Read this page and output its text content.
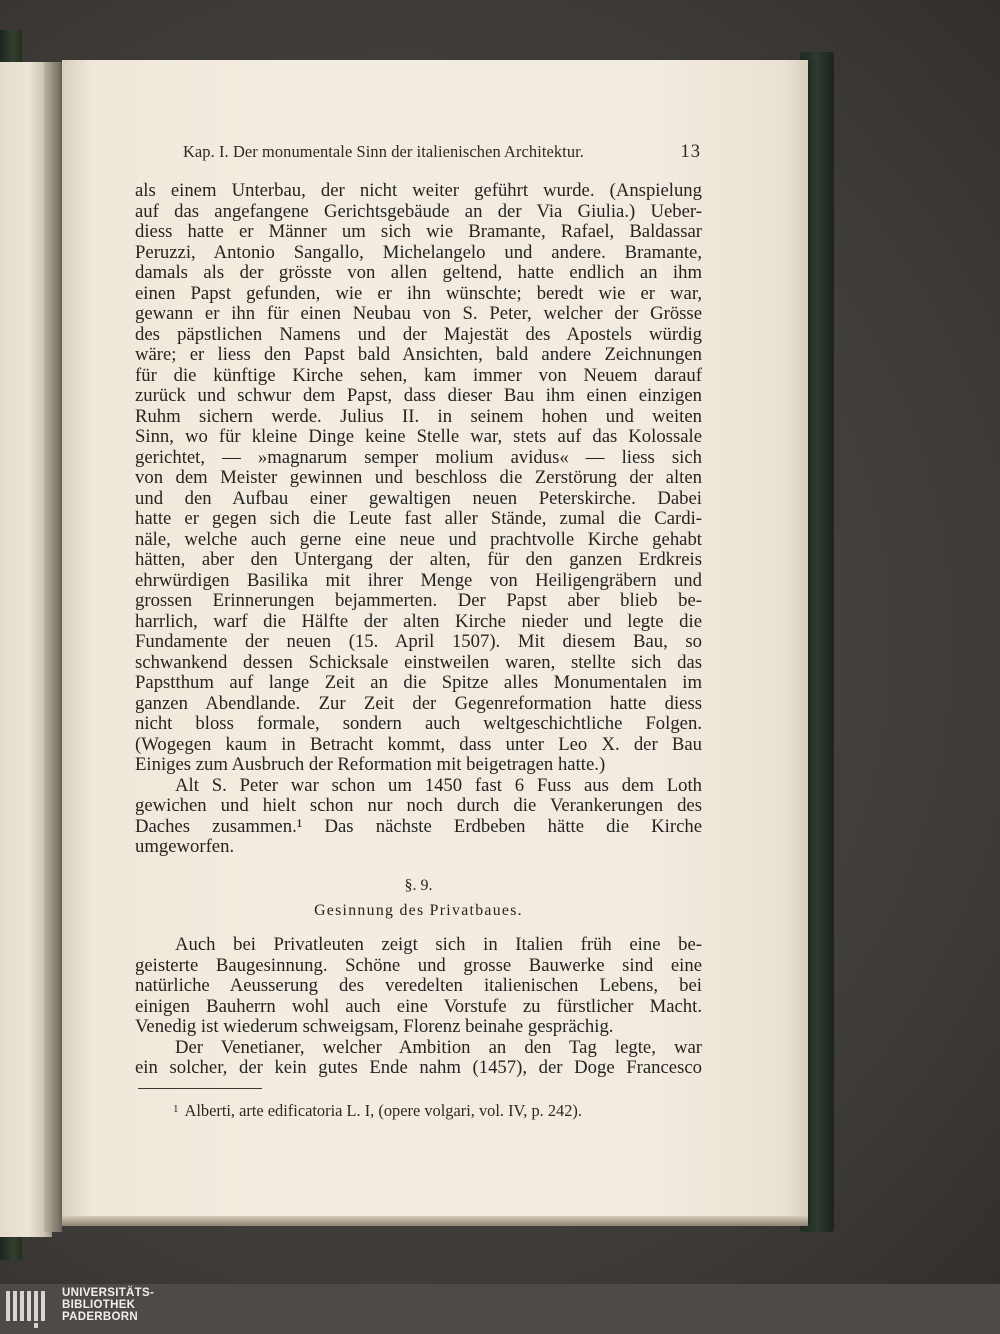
Kap. I. Der monumentale Sinn der italienischen Architektur.	13
als einem Unterbau, der nicht weiter geführt wurde. (Anspielung
auf das angefangene Gerichtsgebäude an der Via Giulia.) Ueber-
diess hatte er Männer um sich wie Bramante, Rafael, Baldassar
Peruzzi, Antonio Sangallo, Michelangelo und andere. Bramante,
damals als der grösste von allen geltend, hatte endlich an ihm
einen Papst gefunden, wie er ihn wünschte; beredt wie er war,
gewann er ihn für einen Neubau von S. Peter, welcher der Grösse
des päpstlichen Namens und der Majestät des Apostels würdig
wäre; er liess den Papst bald Ansichten, bald andere Zeichnungen
für die künftige Kirche sehen, kam immer von Neuem darauf
zurück und schwur dem Papst, dass dieser Bau ihm einen einzigen
Ruhm sichern werde. Julius II. in seinem hohen und weiten
Sinn, wo für kleine Dinge keine Stelle war, stets auf das Kolossale
gerichtet, — »magnarum semper molium avidus« — liess sich
von dem Meister gewinnen und beschloss die Zerstörung der alten
und den Aufbau einer gewaltigen neuen Peterskirche. Dabei
hatte er gegen sich die Leute fast aller Stände, zumal die Cardi-
näle, welche auch gerne eine neue und prachtvolle Kirche gehabt
hätten, aber den Untergang der alten, für den ganzen Erdkreis
ehrwürdigen Basilika mit ihrer Menge von Heiligengräbern und
grossen Erinnerungen bejammerten. Der Papst aber blieb be-
harrlich, warf die Hälfte der alten Kirche nieder und legte die
Fundamente der neuen (15. April 1507). Mit diesem Bau, so
schwankend dessen Schicksale einstweilen waren, stellte sich das
Papstthum auf lange Zeit an die Spitze alles Monumentalen im
ganzen Abendlande. Zur Zeit der Gegenreformation hatte diess
nicht bloss formale, sondern auch weltgeschichtliche Folgen.
(Wogegen kaum in Betracht kommt, dass unter Leo X. der Bau
Einiges zum Ausbruch der Reformation mit beigetragen hatte.)
Alt S. Peter war schon um 1450 fast 6 Fuss aus dem Loth
gewichen und hielt schon nur noch durch die Verankerungen des
Daches zusammen.¹ Das nächste Erdbeben hätte die Kirche
umgeworfen.
§. 9.
Gesinnung des Privatbaues.
Auch bei Privatleuten zeigt sich in Italien früh eine be-
geisterte Baugesinnung. Schöne und grosse Bauwerke sind eine
natürliche Aeusserung des veredelten italienischen Lebens, bei
einigen Bauherrn wohl auch eine Vorstufe zu fürstlicher Macht.
Venedig ist wiederum schweigsam, Florenz beinahe gesprächig.
Der Venetianer, welcher Ambition an den Tag legte, war
ein solcher, der kein gutes Ende nahm (1457), der Doge Francesco
$^1$ Alberti, arte edificatoria L. I, (opere volgari, vol. IV, p. 242).
UNIVERSITÄTS-
BIBLIOTHEK
PADERBORN
